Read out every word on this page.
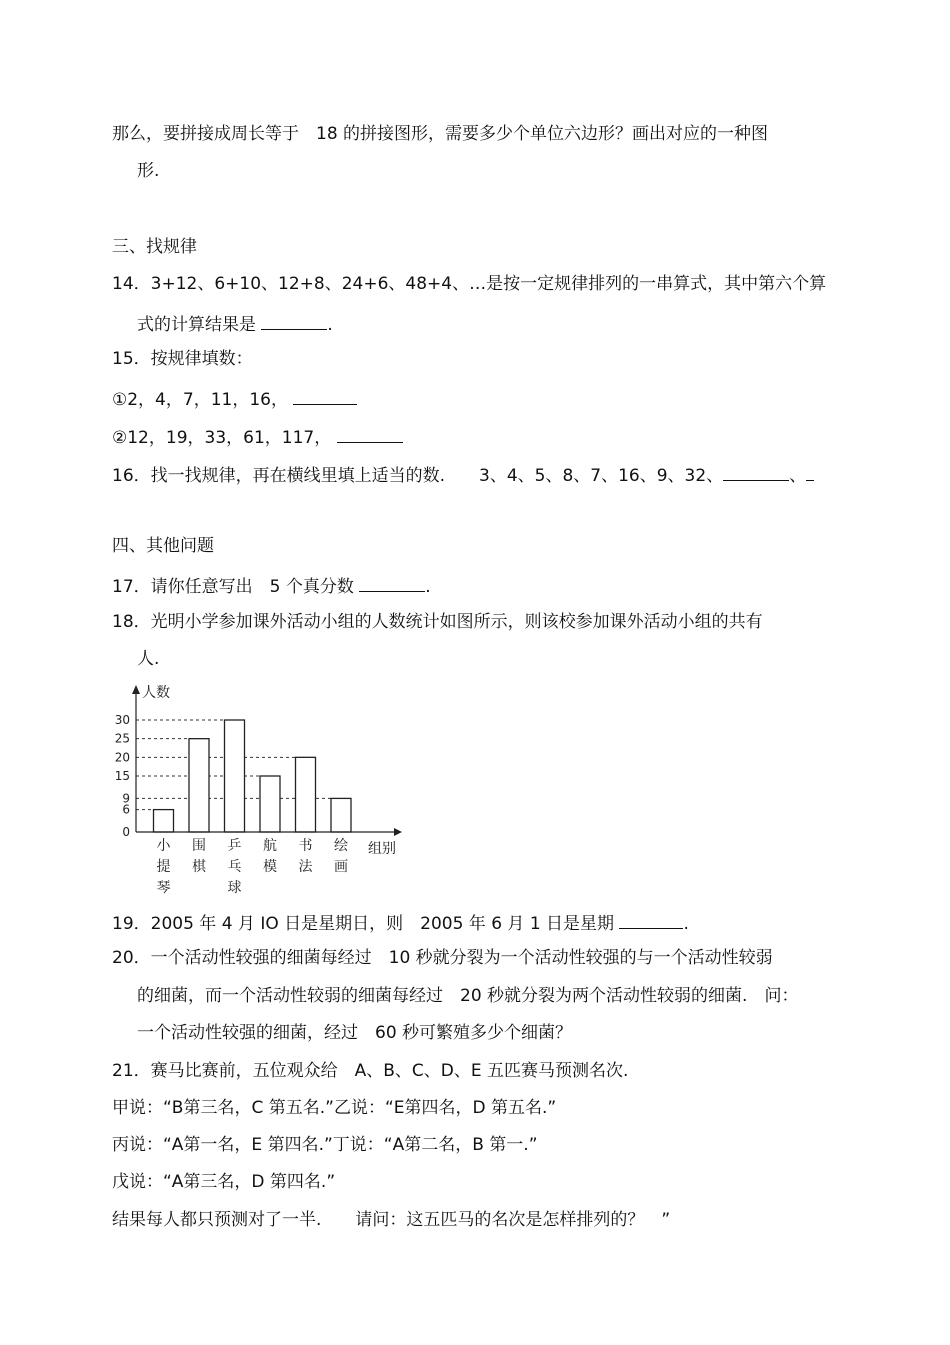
那么，要拼接成周长等于　18 的拼接图形，需要多少个单位六边形？画出对应的一种图
形.
三、找规律
14．3+12、6+10、12+8、24+6、48+4、…是按一定规律排列的一串算式，其中第六个算
式的计算结果是	.
15．按规律填数：
①2，4，7，11，16，
②12，19，33，61，117，
16．找一找规律，再在横线里填上适当的数.　　3、4、5、8、7、16、9、32、	、
四、其他问题
17．请你任意写出　5 个真分数	.
18．光明小学参加课外活动小组的人数统计如图所示，则该校参加课外活动小组的共有
人.
人数
组别
0
6
9
15
20
25
30
小
提
琴
围
棋
乒
乓
球
航
模
书
法
绘
画
19．2005 年 4 月 IO 日是星期日，则　2005 年 6 月 1 日是星期	.
20．一个活动性较强的细菌每经过　10 秒就分裂为一个活动性较强的与一个活动性较弱
的细菌，而一个活动性较弱的细菌每经过　20 秒就分裂为两个活动性较弱的细菌.　问：
一个活动性较强的细菌，经过　60 秒可繁殖多少个细菌？
21．赛马比赛前，五位观众给　A、B、C、D、E 五匹赛马预测名次.
甲说：“B第三名，C 第五名.”乙说：“E第四名，D 第五名.”
丙说：“A第一名，E 第四名.”丁说：“A第二名，B 第一.”
戊说：“A第三名，D 第四名.”
结果每人都只预测对了一半.　　请问：这五匹马的名次是怎样排列的？　”
